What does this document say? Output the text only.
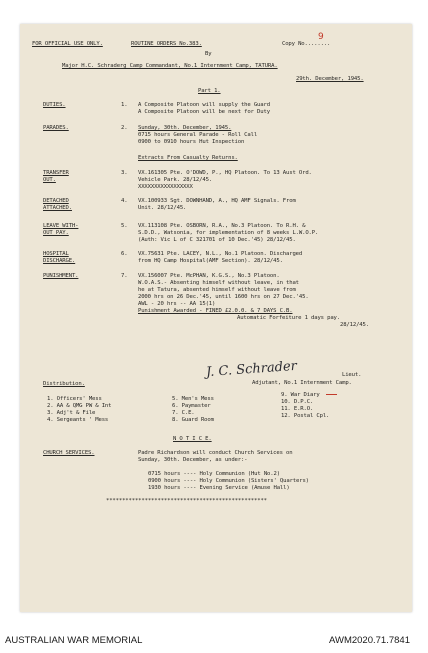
FOR OFFICIAL USE ONLY.	ROUTINE ORDERS No.383.	Copy No........
9
By
Major H.C. Schraderg Camp Commandant, No.1 Internment Camp, TATURA.
29th. December, 1945.
Part 1.
DUTIES.	1. A Composite Platoon will supply the Guard
A Composite Platoon will be next for Duty
PARADES.	2. Sunday, 30th. December, 1945.
0715 hours General Parade - Roll Call
0900 to 0910 hours Hut Inspection
Extracts From Casualty Returns.
TRANSFER
OUT.
3. VX.161305 Pte. O'DOWD, P., HQ Platoon. To 13 Aust Ord.
Vehicle Park. 28/12/45.
XXXXXXXXXXXXXXXXX
DETACHED
ATTACHED.
4. VX.100933 Sgt. DOWNHAND, A., HQ AMF Signals. From
Unit. 28/12/45.
LEAVE WITH-
OUT PAY.
5. VX.113108 Pte. OSBORN, R.A., No.3 Platoon. To R.H. &
S.D.D., Watsonia, for implementation of 8 weeks L.W.O.P.
(Auth: Vic L of C 321701 of 10 Dec.'45) 28/12/45.
HOSPITAL
DISCHARGE.
6. VX.75631 Pte. LACEY, N.L., No.1 Platoon. Discharged
from HQ Camp Hospital(AMF Section). 28/12/45.
PUNISHMENT.	7. VX.156007 Pte. McPHAN, K.G.S., No.3 Platoon.
W.O.A.S.- Absenting himself without leave, in that
he at Tatura, absented himself without leave from
2000 hrs on 26 Dec.'45, until 1600 hrs on 27 Dec.'45.
AWL - 20 hrs -- AA 15(1)
Punishment Awarded - FINED £2.0.0. & 7 DAYS C.B.
Automatic Forfeiture 1 days pay.
28/12/45.
J. C. Schrader	Lieut.
Adjutant, No.1 Internment Camp.
Distribution.
1. Officers' Mess
2. AA & QMG PW & Int
3. Adj't & File
4. Sergeants ' Mess
5. Men's Mess
6. Paymaster
7. C.E.
8. Guard Room
9. War Diary
10. D.P.C.
11. E.R.O.
12. Postal Cpl.
N O T I C E.
CHURCH SERVICES.	Padre Richardson will conduct Church Services on
Sunday, 30th. December, as under:-
0715 hours ---- Holy Communion (Hut No.2)
0900 hours ---- Holy Communion (Sisters' Quarters)
1930 hours ---- Evening Service (Amuse Hall)
**************************************************
AUSTRALIAN WAR MEMORIAL	AWM2020.71.7841
